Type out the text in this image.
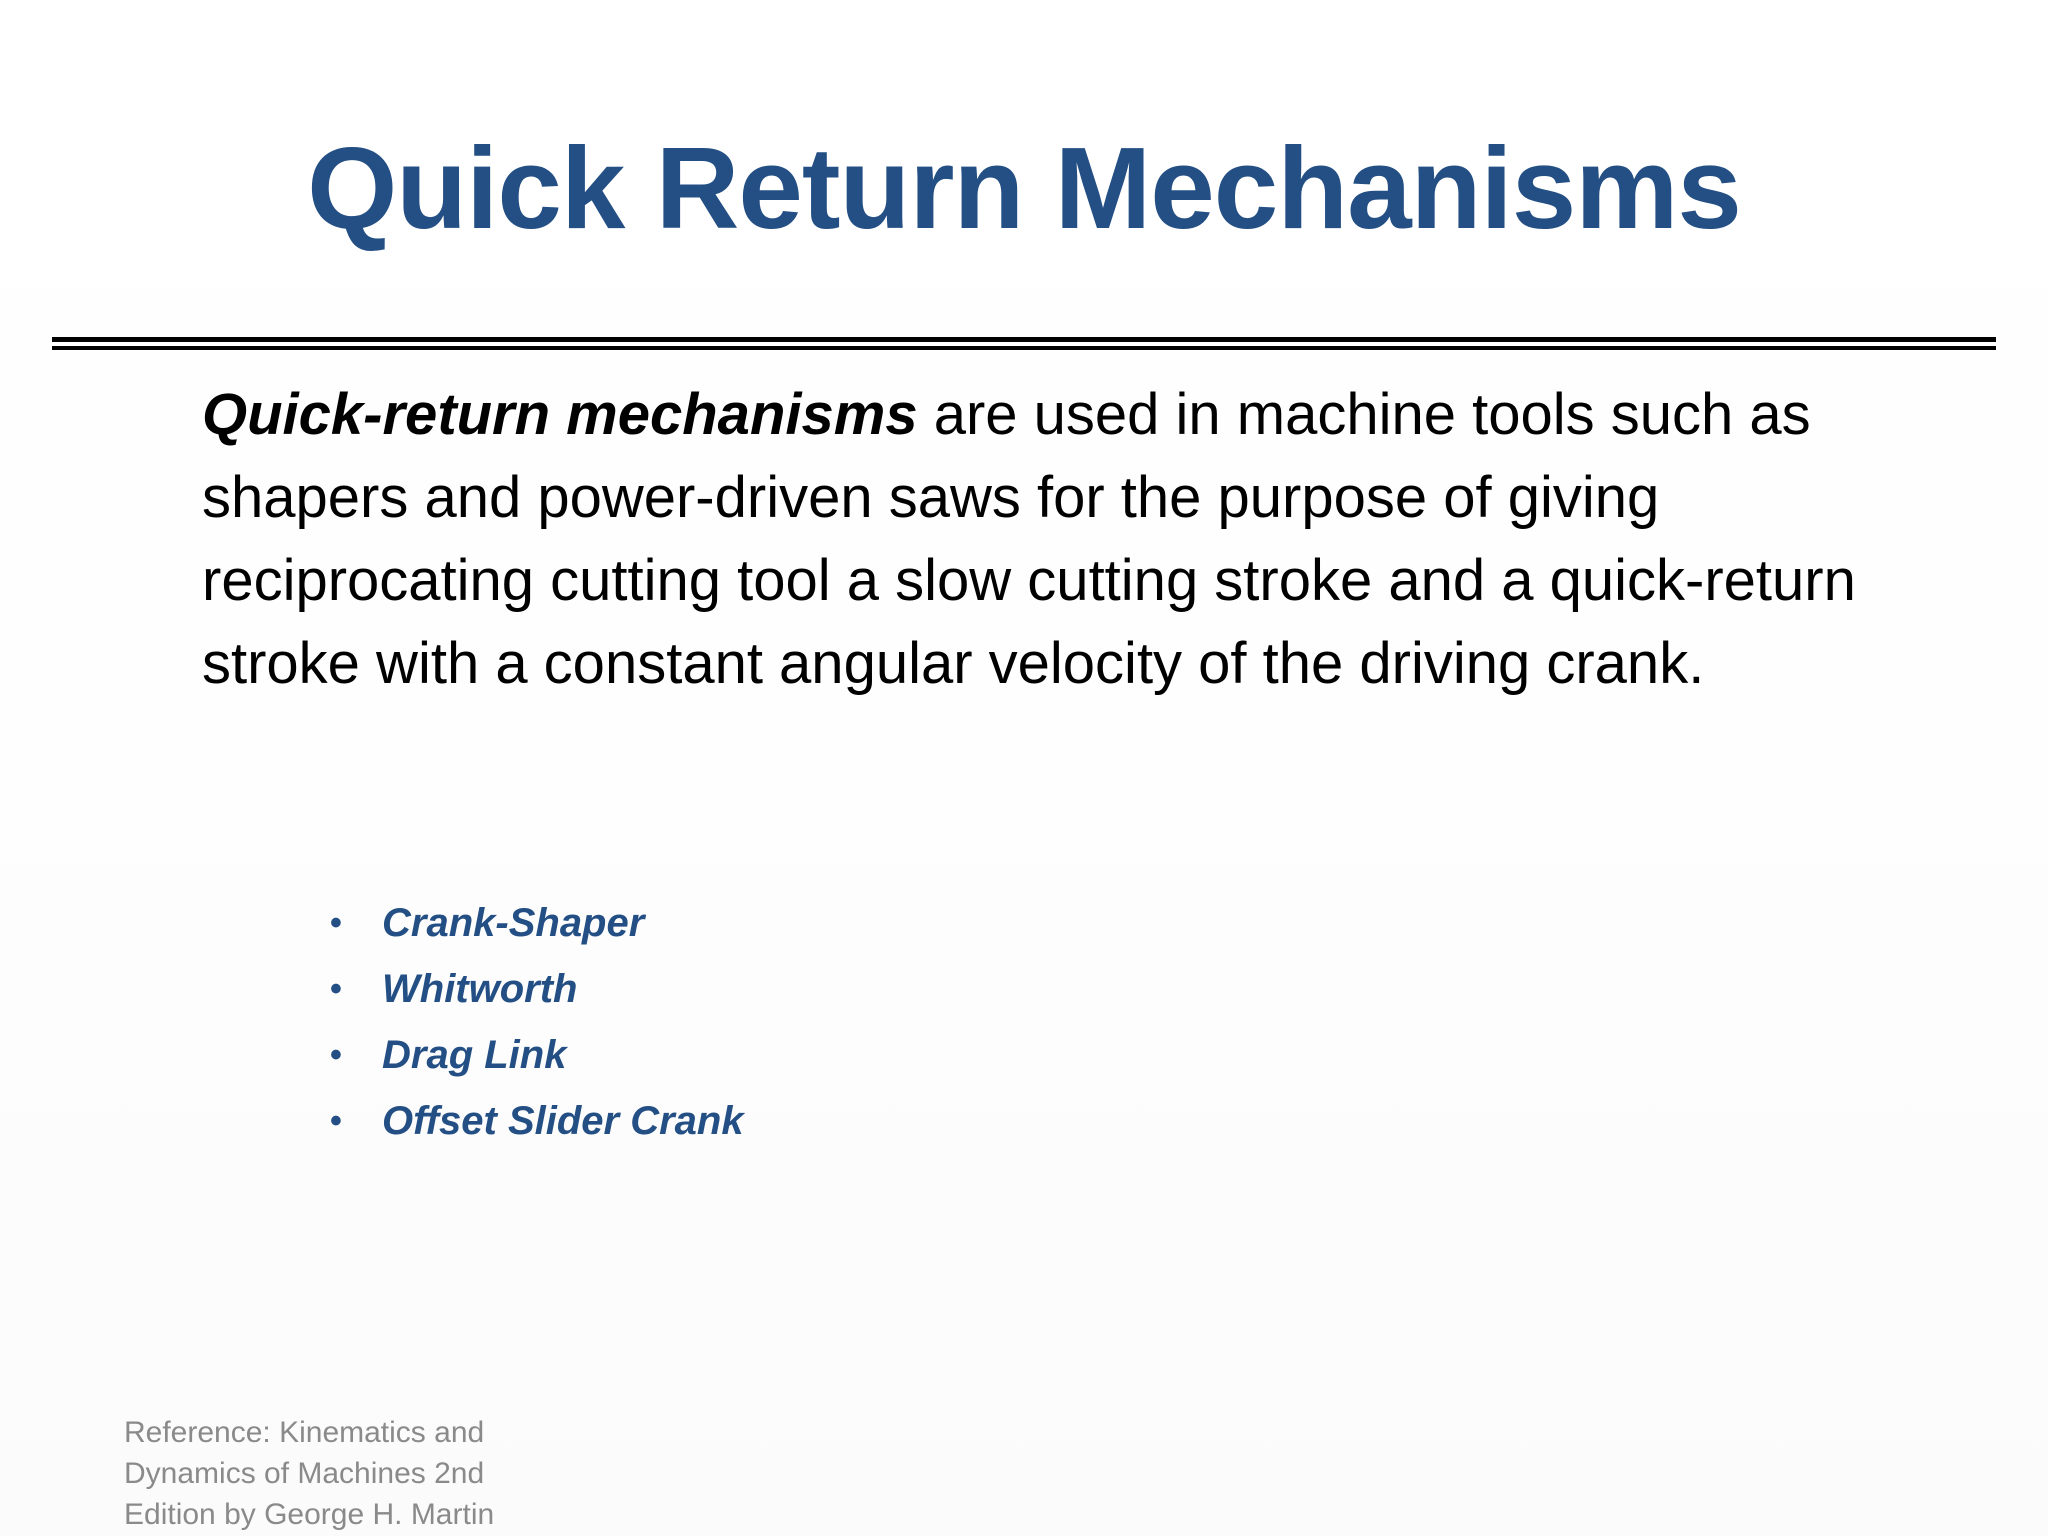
Quick Return Mechanisms

Quick-return mechanisms are used in machine tools such as shapers and power-driven saws for the purpose of giving reciprocating cutting tool a slow cutting stroke and a quick-return stroke with a constant angular velocity of the driving crank.

• Crank-Shaper
• Whitworth
• Drag Link
• Offset Slider Crank

Reference: Kinematics and Dynamics of Machines 2nd Edition by George H. Martin
